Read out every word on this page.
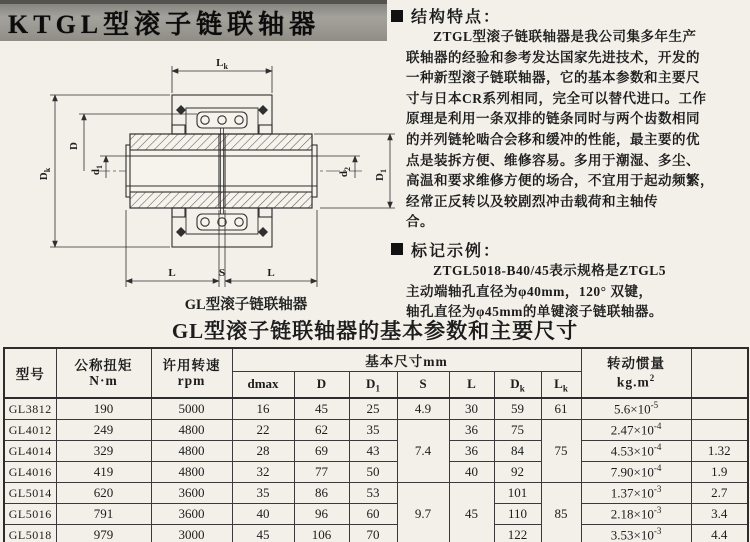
KTGL型滚子链联轴器	结构特点：
ZTGL型滚子链联轴器是我公司集多年生产
联轴器的经验和参考发达国家先进技术，开发的
一种新型滚子链联轴器，它的基本参数和主要尺
寸与日本CR系列相同，完全可以替代进口。工作
原理是利用一条双排的链条同时与两个齿数相同
的并列链轮啮合会移和缓冲的性能，最主要的优
点是装拆方便、维修容易。多用于潮湿、多尘、
高温和要求维修方便的场合，不宜用于起动频繁，
经常正反转以及较剧烈冲击载荷和主轴传
合。
标记示例：
ZTGL5018-B40/45表示规格是ZTGL5
主动端轴孔直径为φ40mm，120° 双键，
轴孔直径为φ45mm的单键滚子链联轴器。
$L_k$
$D_k$
D
$d_1$
$d_2$
$D_1$
L	S	L
GL型滚子链联轴器
GL型滚子链联轴器的基本参数和主要尺寸
型号	
公称扭矩
N·m

许用转速
rpm
	基本尺寸mm	转动惯量
$kg.m^2$

			dmax	D	$D_1$	S	L	$D_k$	$L_k$
GL3812	190	5000	16	45	25	4.9	30	59	61	$5.6\times 10^{-5}$	
GL4012	249	4800	22	62	35	7.4	36	75	75	$2.47\times 10^{-4}$	
GL4014	329	4800	28	69	43		36	84		$4.53\times 10^{-4}$	1.32
GL4016	419	4800	32	77	50		40	92		$7.90\times 10^{-4}$	1.9
GL5014	620	3600	35	86	53	9.7	45	101	85	$1.37\times 10^{-3}$	2.7
GL5016	791	3600	40	96	60			110		$2.18\times 10^{-3}$	3.4
GL5018	979	3000	45	106	70			122		$3.53\times 10^{-3}$	4.4
